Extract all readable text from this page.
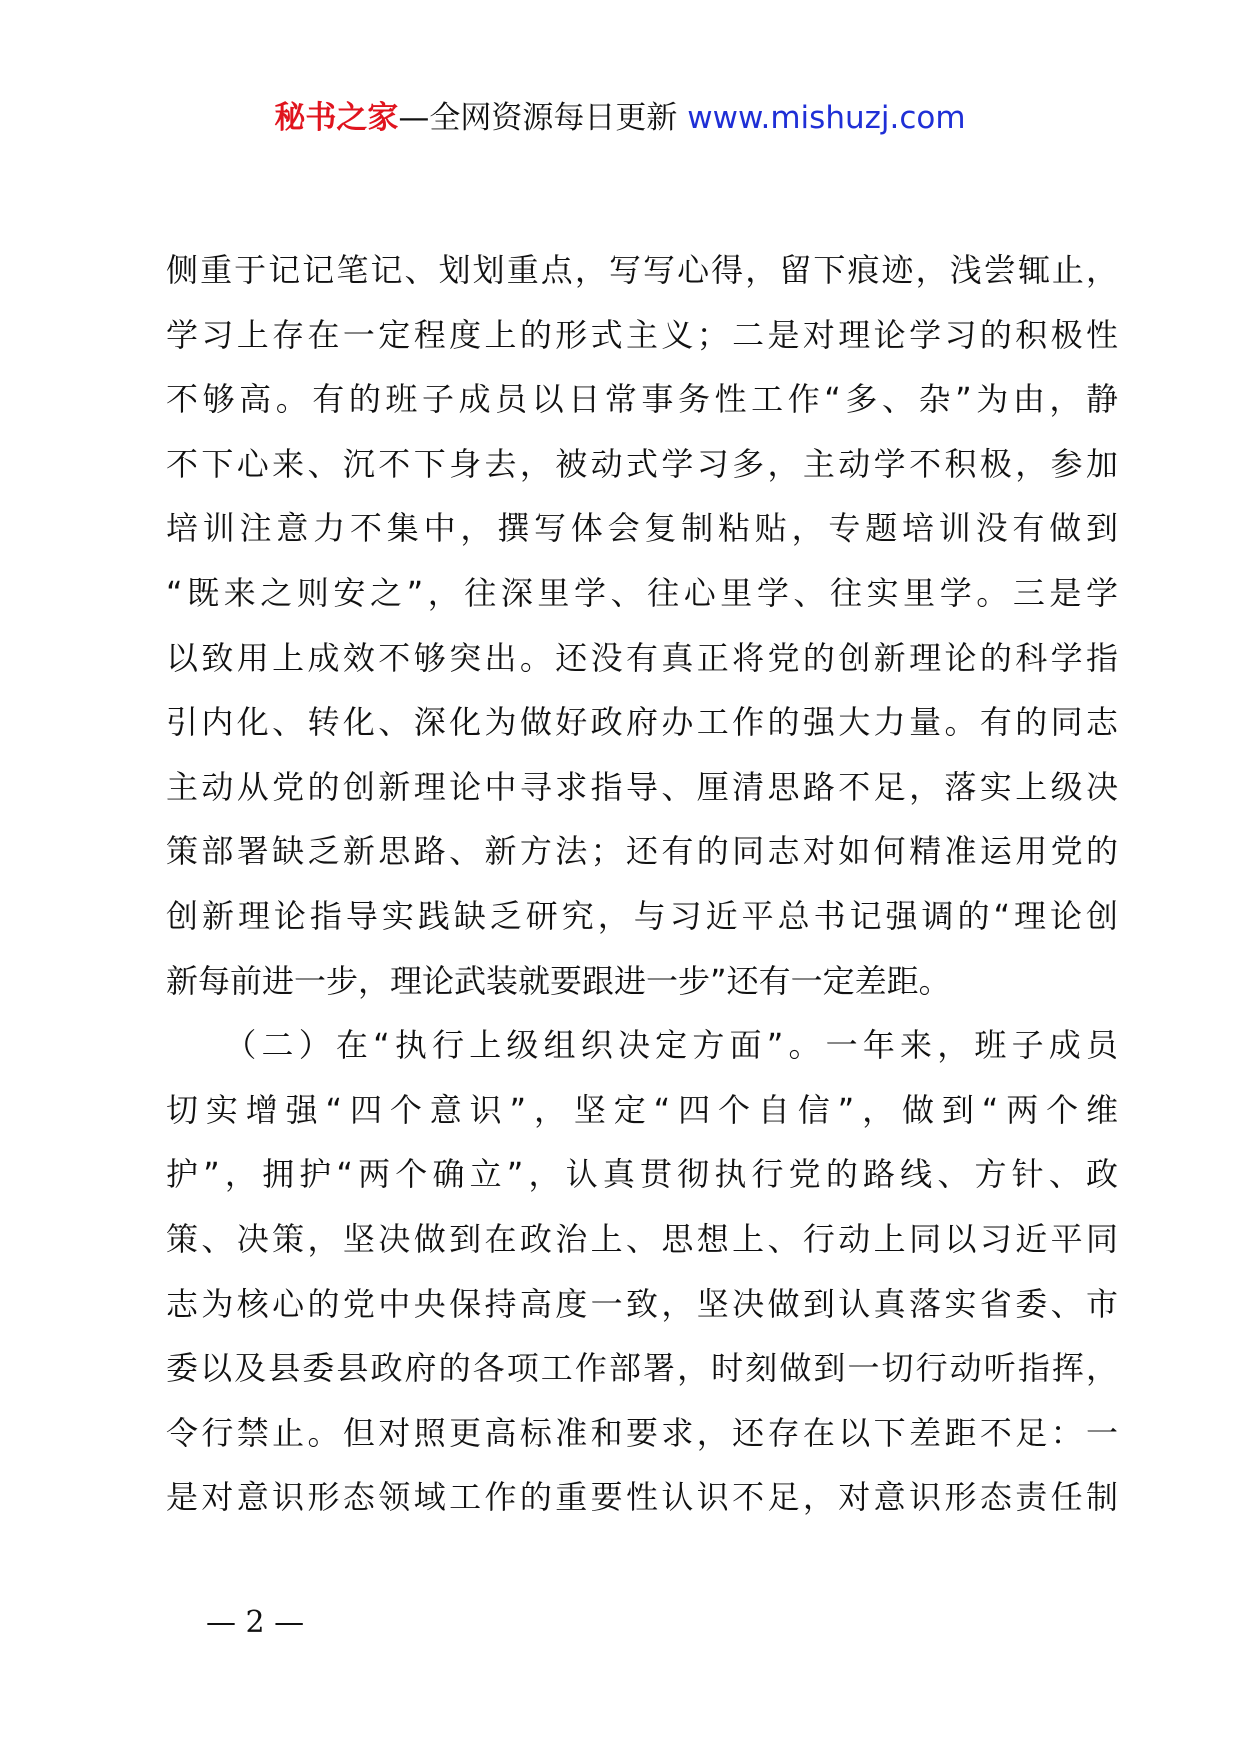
秘书之家—全网资源每日更新 www.mishuzj.com
侧重于记记笔记、划划重点，写写心得，留下痕迹，浅尝辄止，
学习上存在一定程度上的形式主义；二是对理论学习的积极性
不够高。有的班子成员以日常事务性工作“多、杂”为由，静
不下心来、沉不下身去，被动式学习多，主动学不积极，参加
培训注意力不集中，撰写体会复制粘贴，专题培训没有做到
“既来之则安之”，往深里学、往心里学、往实里学。三是学
以致用上成效不够突出。还没有真正将党的创新理论的科学指
引内化、转化、深化为做好政府办工作的强大力量。有的同志
主动从党的创新理论中寻求指导、厘清思路不足，落实上级决
策部署缺乏新思路、新方法；还有的同志对如何精准运用党的
创新理论指导实践缺乏研究，与习近平总书记强调的“理论创
新每前进一步，理论武装就要跟进一步”还有一定差距。
　　（二）在“执行上级组织决定方面”。一年来，班子成员
切实增强“四个意识”，坚定“四个自信”，做到“两个维
护”，拥护“两个确立”，认真贯彻执行党的路线、方针、政
策、决策，坚决做到在政治上、思想上、行动上同以习近平同
志为核心的党中央保持高度一致，坚决做到认真落实省委、市
委以及县委县政府的各项工作部署，时刻做到一切行动听指挥，
令行禁止。但对照更高标准和要求，还存在以下差距不足：一
是对意识形态领域工作的重要性认识不足，对意识形态责任制
— 2 —
